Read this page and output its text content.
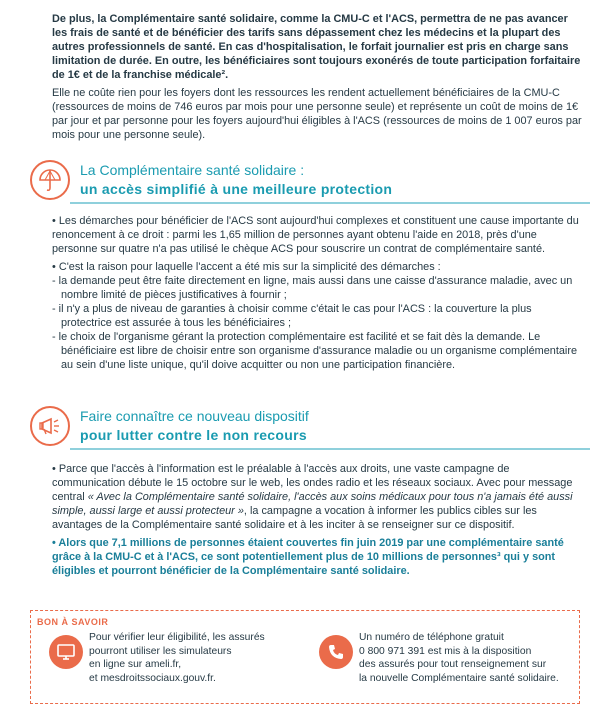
De plus, la Complémentaire santé solidaire, comme la CMU-C et l'ACS, permettra de ne pas avancer les frais de santé et de bénéficier des tarifs sans dépassement chez les médecins et la plupart des autres professionnels de santé. En cas d'hospitalisation, le forfait journalier est pris en charge sans limitation de durée. En outre, les bénéficiaires sont toujours exonérés de toute participation forfaitaire de 1€ et de la franchise médicale².
Elle ne coûte rien pour les foyers dont les ressources les rendent actuellement bénéficiaires de la CMU-C (ressources de moins de 746 euros par mois pour une personne seule) et représente un coût de moins de 1€ par jour et par personne pour les foyers aujourd'hui éligibles à l'ACS (ressources de moins de 1 007 euros par mois pour une personne seule).
La Complémentaire santé solidaire :
un accès simplifié à une meilleure protection

• Les démarches pour bénéficier de l'ACS sont aujourd'hui complexes et constituent une cause importante du renoncement à ce droit : parmi les 1,65 million de personnes ayant obtenu l'aide en 2018, près d'une personne sur quatre n'a pas utilisé le chèque ACS pour souscrire un contrat de complémentaire santé.

• C'est la raison pour laquelle l'accent a été mis sur la simplicité des démarches :

- la demande peut être faite directement en ligne, mais aussi dans une caisse d'assurance maladie, avec un nombre limité de pièces justificatives à fournir ;

- il n'y a plus de niveau de garanties à choisir comme c'était le cas pour l'ACS : la couverture la plus protectrice est assurée à tous les bénéficiaires ;

- le choix de l'organisme gérant la protection complémentaire est facilité et se fait dès la demande. Le bénéficiaire est libre de choisir entre son organisme d'assurance maladie ou un organisme complémentaire au sein d'une liste unique, qu'il doive acquitter ou non une participation financière.

Faire connaître ce nouveau dispositif
pour lutter contre le non recours

• Parce que l'accès à l'information est le préalable à l'accès aux droits, une vaste campagne de communication débute le 15 octobre sur le web, les ondes radio et les réseaux sociaux. Avec pour message central « Avec la Complémentaire santé solidaire, l'accès aux soins médicaux pour tous n'a jamais été aussi simple, aussi large et aussi protecteur », la campagne a vocation à informer les publics cibles sur les avantages de la Complémentaire santé solidaire et à les inciter à se renseigner sur ce dispositif.

• Alors que 7,1 millions de personnes étaient couvertes fin juin 2019 par une complémentaire santé grâce à la CMU-C et à l'ACS, ce sont potentiellement plus de 10 millions de personnes³ qui y sont éligibles et pourront bénéficier de la Complémentaire santé solidaire.

BON À SAVOIR
Pour vérifier leur éligibilité, les assurés
pourront utiliser les simulateurs
en ligne sur ameli.fr,
et mesdroitssociaux.gouv.fr.
Un numéro de téléphone gratuit
0 800 971 391 est mis à la disposition
des assurés pour tout renseignement sur
la nouvelle Complémentaire santé solidaire.
